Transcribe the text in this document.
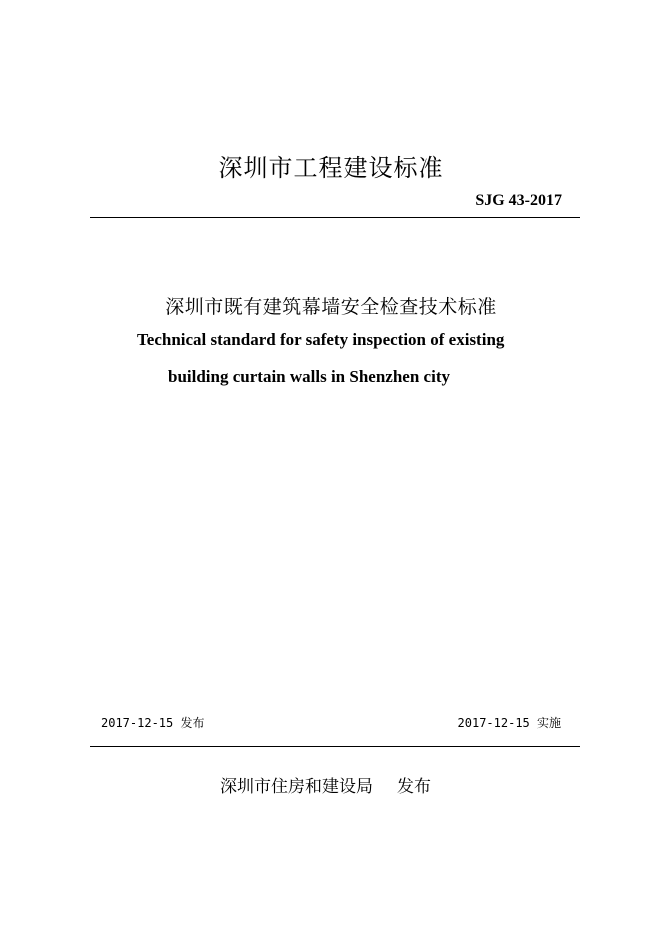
深圳市工程建设标准
SJG 43-2017
深圳市既有建筑幕墙安全检查技术标准
Technical standard for safety inspection of existing
building curtain walls in Shenzhen city
2017-12-15 发布	2017-12-15 实施
深圳市住房和建设局 发布
